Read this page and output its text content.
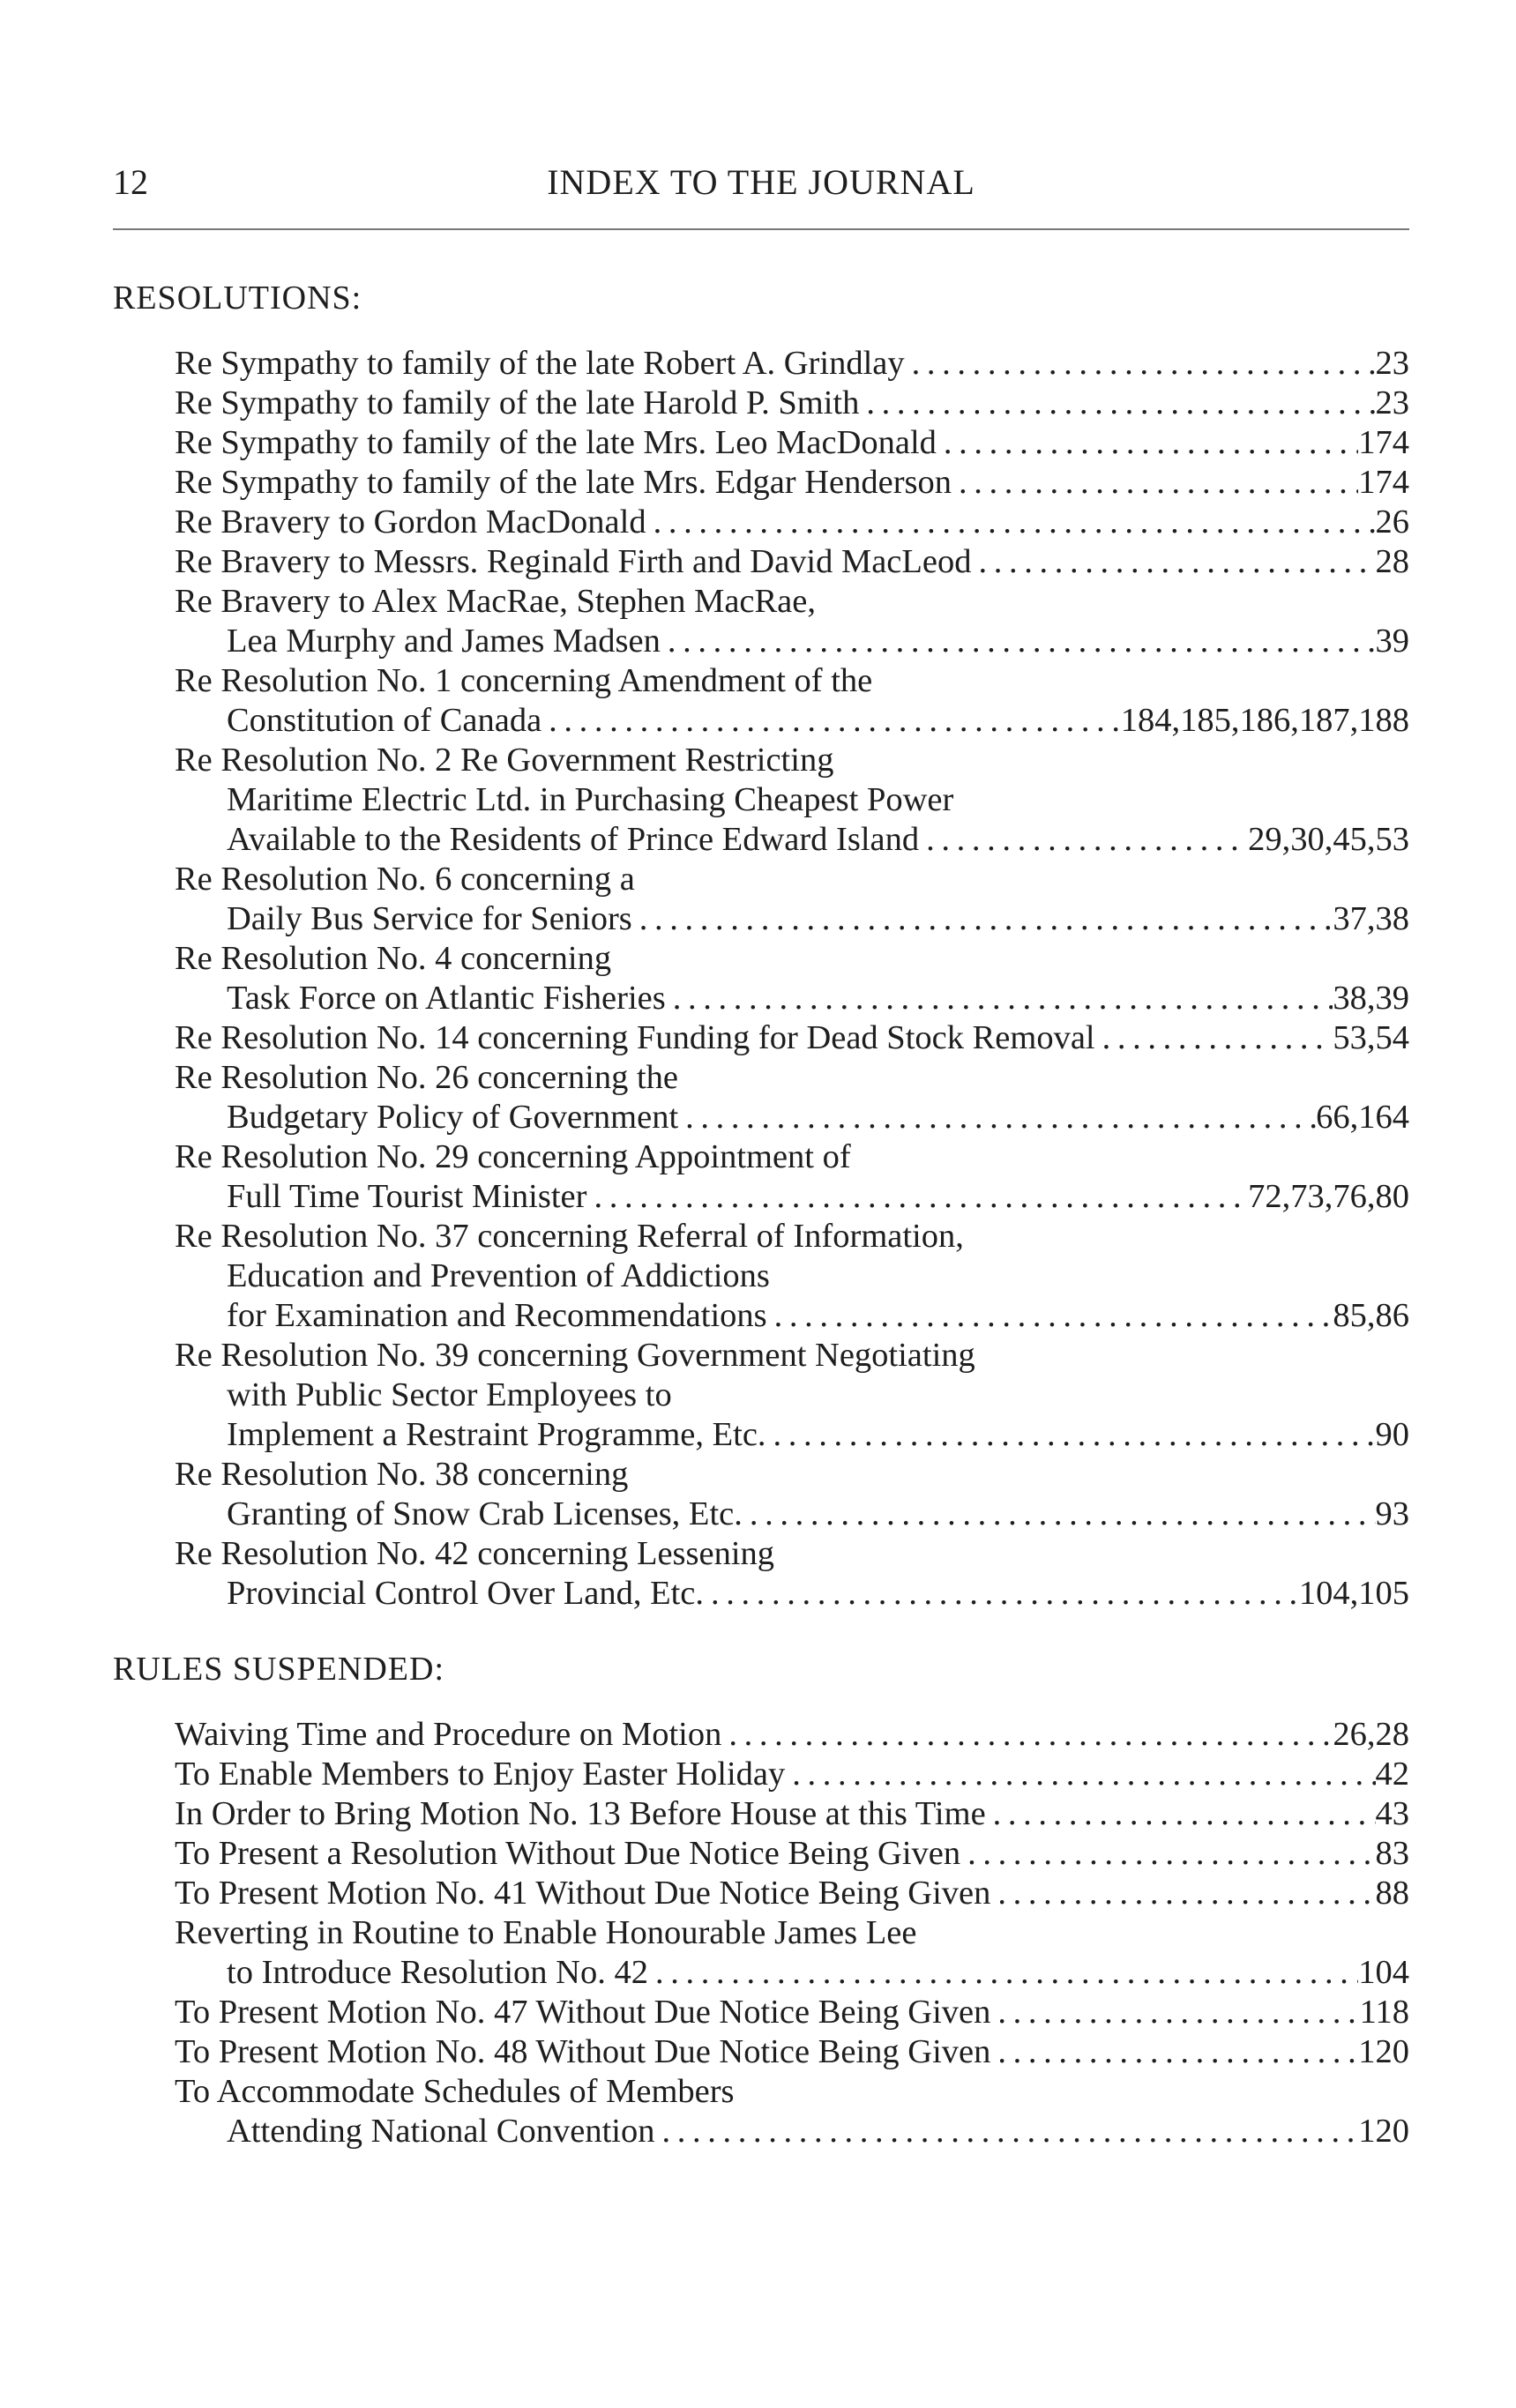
12	INDEX TO THE JOURNAL
RESOLUTIONS:
Re Sympathy to family of the late Robert A. Grindlay . . .	23
Re Sympathy to family of the late Harold P. Smith . . .	23
Re Sympathy to family of the late Mrs. Leo MacDonald . . .	174
Re Sympathy to family of the late Mrs. Edgar Henderson . . .	174
Re Bravery to Gordon MacDonald . . .	26
Re Bravery to Messrs. Reginald Firth and David MacLeod . . .	28
Re Bravery to Alex MacRae, Stephen MacRae,
Lea Murphy and James Madsen . . .	39
Re Resolution No. 1 concerning Amendment of the
Constitution of Canada . . .	184,185,186,187,188
Re Resolution No. 2 Re Government Restricting
Maritime Electric Ltd. in Purchasing Cheapest Power
Available to the Residents of Prince Edward Island . . .	29,30,45,53
Re Resolution No. 6 concerning a
Daily Bus Service for Seniors . . .	37,38
Re Resolution No. 4 concerning
Task Force on Atlantic Fisheries . . .	38,39
Re Resolution No. 14 concerning Funding for Dead Stock Removal . . .	53,54
Re Resolution No. 26 concerning the
Budgetary Policy of Government . . .	66,164
Re Resolution No. 29 concerning Appointment of
Full Time Tourist Minister . . .	72,73,76,80
Re Resolution No. 37 concerning Referral of Information,
Education and Prevention of Addictions
for Examination and Recommendations . . .	85,86
Re Resolution No. 39 concerning Government Negotiating
with Public Sector Employees to
Implement a Restraint Programme, Etc. . . .	90
Re Resolution No. 38 concerning
Granting of Snow Crab Licenses, Etc. . . .	93
Re Resolution No. 42 concerning Lessening
Provincial Control Over Land, Etc. . . .	104,105
RULES SUSPENDED:
Waiving Time and Procedure on Motion . . .	26,28
To Enable Members to Enjoy Easter Holiday . . .	42
In Order to Bring Motion No. 13 Before House at this Time . . .	43
To Present a Resolution Without Due Notice Being Given . . .	83
To Present Motion No. 41 Without Due Notice Being Given . . .	88
Reverting in Routine to Enable Honourable James Lee
to Introduce Resolution No. 42 . . .	104
To Present Motion No. 47 Without Due Notice Being Given . . .	118
To Present Motion No. 48 Without Due Notice Being Given . . .	120
To Accommodate Schedules of Members
Attending National Convention . . .	120
